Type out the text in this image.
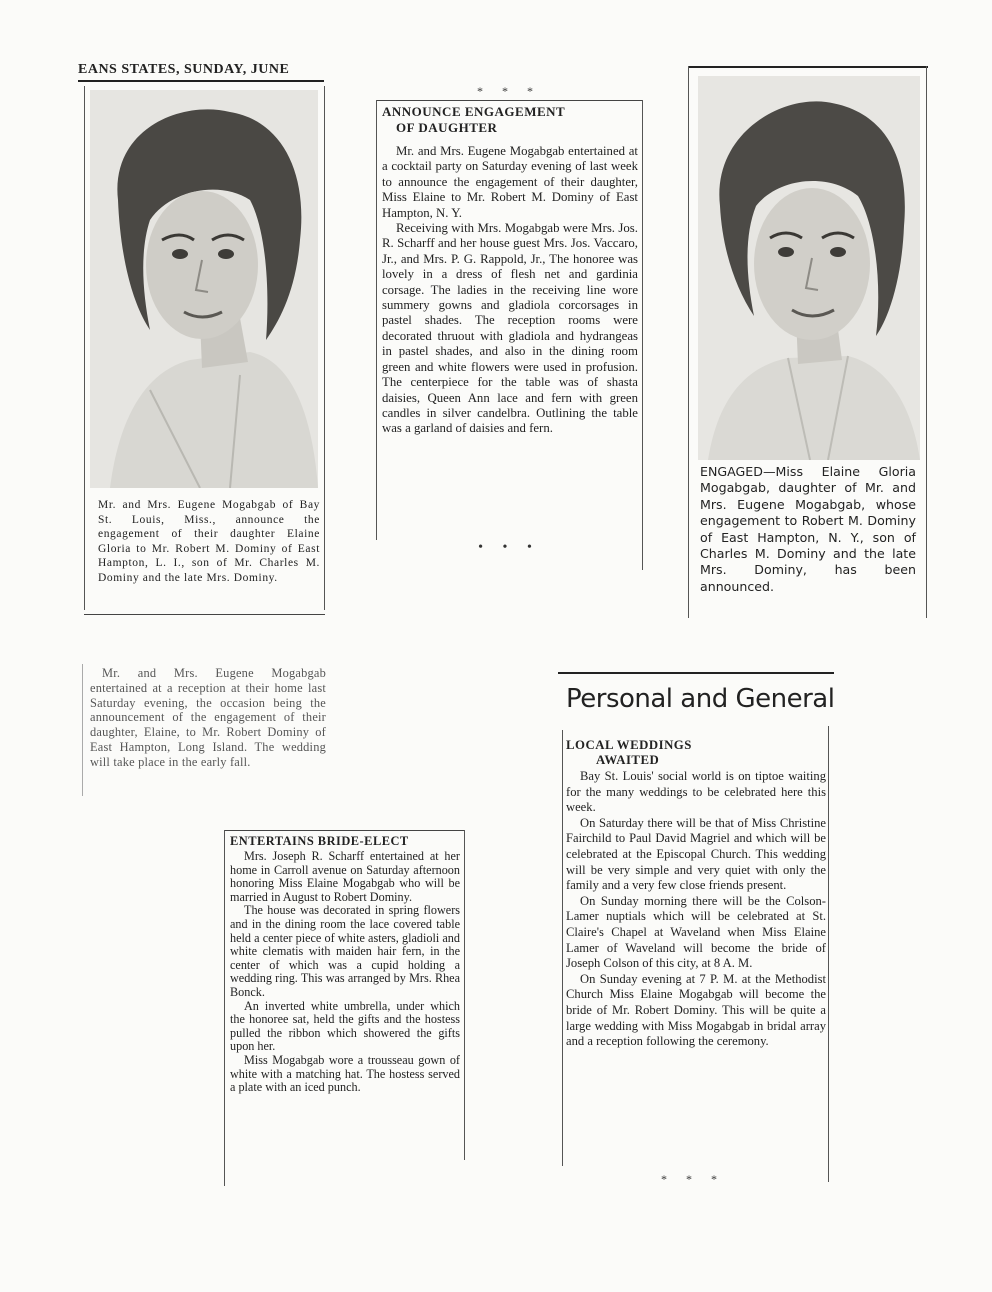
EANS STATES, SUNDAY, JUNE
Mr. and Mrs. Eugene Mogabgab of Bay St. Louis, Miss., announce the engagement of their daughter Elaine Gloria to Mr. Robert M. Dominy of East Hampton, L. I., son of Mr. Charles M. Dominy and the late Mrs. Dominy.
* * *
ANNOUNCE ENGAGEMENT
OF DAUGHTER

Mr. and Mrs. Eugene Mogabgab entertained at a cocktail party on Saturday evening of last week to announce the engagement of their daughter, Miss Elaine to Mr. Robert M. Dominy of East Hampton, N. Y.

Receiving with Mrs. Mogabgab were Mrs. Jos. R. Scharff and her house guest Mrs. Jos. Vaccaro, Jr., and Mrs. P. G. Rappold, Jr., The honoree was lovely in a dress of flesh net and gardinia corsage. The ladies in the receiving line wore summery gowns and gladiola corcorsages in pastel shades. The reception rooms were decorated thruout with gladiola and hydrangeas in pastel shades, and also in the dining room green and white flowers were used in profusion. The centerpiece for the table was of shasta daisies, Queen Ann lace and fern with green candles in silver candelbra. Outlining the table was a garland of daisies and fern.

• • •
ENGAGED—Miss Elaine Gloria Mogabgab, daughter of Mr. and Mrs. Eugene Mogabgab, whose engagement to Robert M. Dominy of East Hampton, N. Y., son of Charles M. Dominy and the late Mrs. Dominy, has been announced.
Mr. and Mrs. Eugene Mogabgab entertained at a reception at their home last Saturday evening, the occasion being the announcement of the engagement of their daughter, Elaine, to Mr. Robert Dominy of East Hampton, Long Island. The wedding will take place in the early fall.
ENTERTAINS BRIDE-ELECT

Mrs. Joseph R. Scharff entertained at her home in Carroll avenue on Saturday afternoon honoring Miss Elaine Mogabgab who will be married in August to Robert Dominy.

The house was decorated in spring flowers and in the dining room the lace covered table held a center piece of white asters, gladioli and white clematis with maiden hair fern, in the center of which was a cupid holding a wedding ring. This was arranged by Mrs. Rhea Bonck.

An inverted white umbrella, under which the honoree sat, held the gifts and the hostess pulled the ribbon which showered the gifts upon her.

Miss Mogabgab wore a trousseau gown of white with a matching hat. The hostess served a plate with an iced punch.

Personal and General
LOCAL WEDDINGS
AWAITED

Bay St. Louis' social world is on tiptoe waiting for the many weddings to be celebrated here this week.

On Saturday there will be that of Miss Christine Fairchild to Paul David Magriel and which will be celebrated at the Episcopal Church. This wedding will be very simple and very quiet with only the family and a very few close friends present.

On Sunday morning there will be the Colson-Lamer nuptials which will be celebrated at St. Claire's Chapel at Waveland when Miss Elaine Lamer of Waveland will become the bride of Joseph Colson of this city, at 8 A. M.

On Sunday evening at 7 P. M. at the Methodist Church Miss Elaine Mogabgab will become the bride of Mr. Robert Dominy. This will be quite a large wedding with Miss Mogabgab in bridal array and a reception following the ceremony.

* * *
